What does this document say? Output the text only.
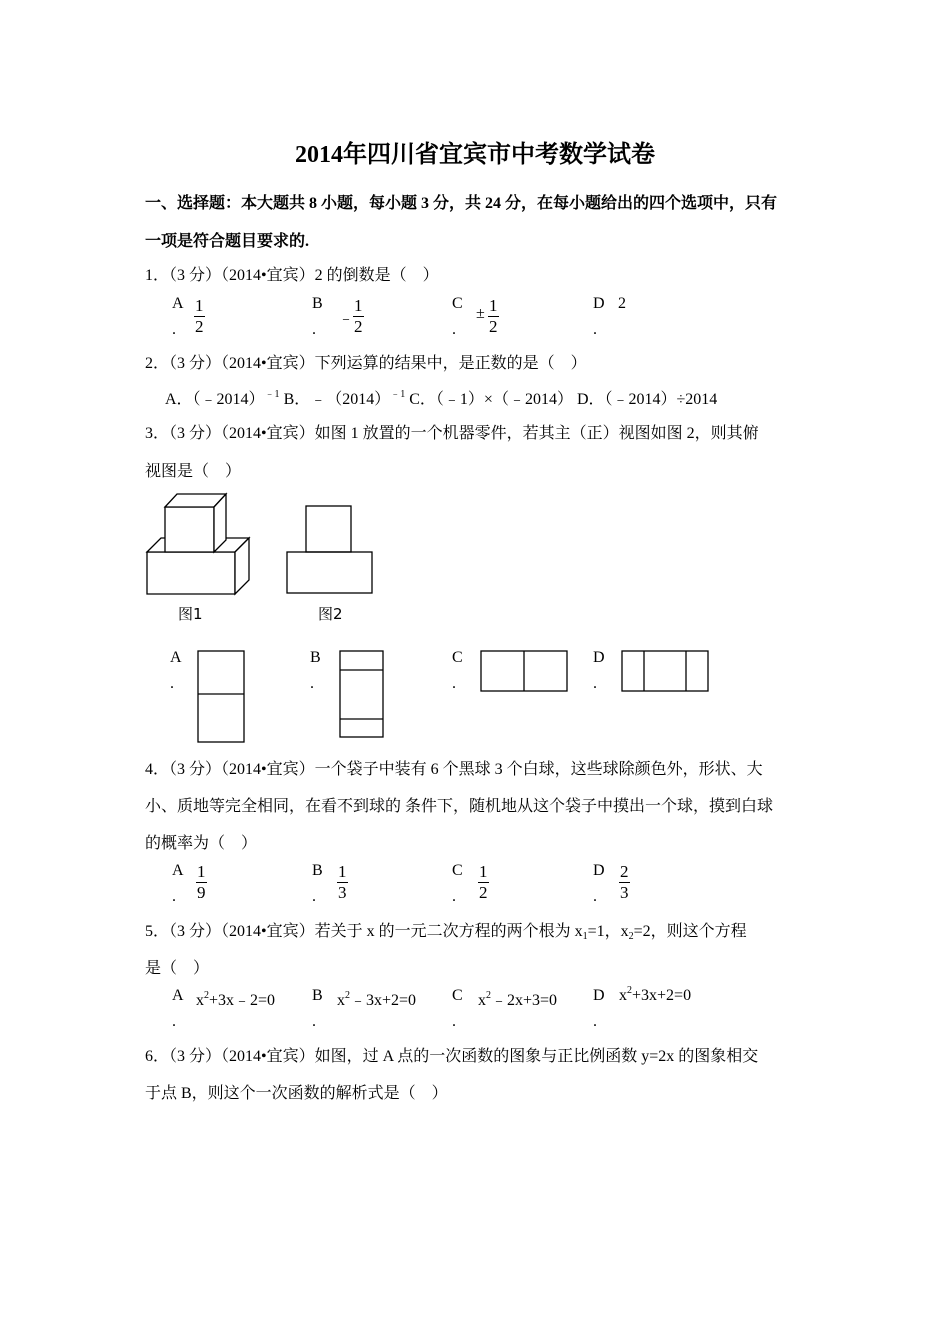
2014年四川省宜宾市中考数学试卷
一、选择题：本大题共 8 小题，每小题 3 分，共 24 分，在每小题给出的四个选项中，只有
一项是符合题目要求的.
1．（3 分）（2014•宜宾）2 的倒数是（　）
A
. $\frac{1}{2}$	B
.
﹣
$\frac{1}{2}$	C
.
± $\frac{1}{2}$	D
.
2
2．（3 分）（2014•宜宾）下列运算的结果中，是正数的是（　）
A．（﹣2014）$^{﹣1}$ B．$﹣(2014)^{﹣1}$ C．（﹣1）×（﹣2014） D．（﹣2014）÷2014
3．（3 分）（2014•宜宾）如图 1 放置的一个机器零件，若其主（正）视图如图 2，则其俯
视图是（　）
图1	图2
A
.
B
.
C
.
D
.
4．（3 分）（2014•宜宾）一个袋子中装有 6 个黑球 3 个白球，这些球除颜色外，形状、大
小、质地等完全相同，在看不到球的 条件下，随机地从这个袋子中摸出一个球，摸到白球
的概率为（　）
A
. $\frac{1}{9}$	B
. $\frac{1}{3}$	C
. $\frac{1}{2}$	D
. $\frac{2}{3}$
5．（3 分）（2014•宜宾）若关于 x 的一元二次方程的两个根为 $x_1=1$，$x_2=2$，则这个方程
是（　）
A
.
$x^2+3x﹣2=0$ B
.
$x^2﹣3x+2=0$ C
.
$x^2﹣2x+3=0$ D
.
$x^2+3x+2=0$
6．（3 分）（2014•宜宾）如图，过 A 点的一次函数的图象与正比例函数 y=2x 的图象相交
于点 B，则这个一次函数的解析式是（　）
